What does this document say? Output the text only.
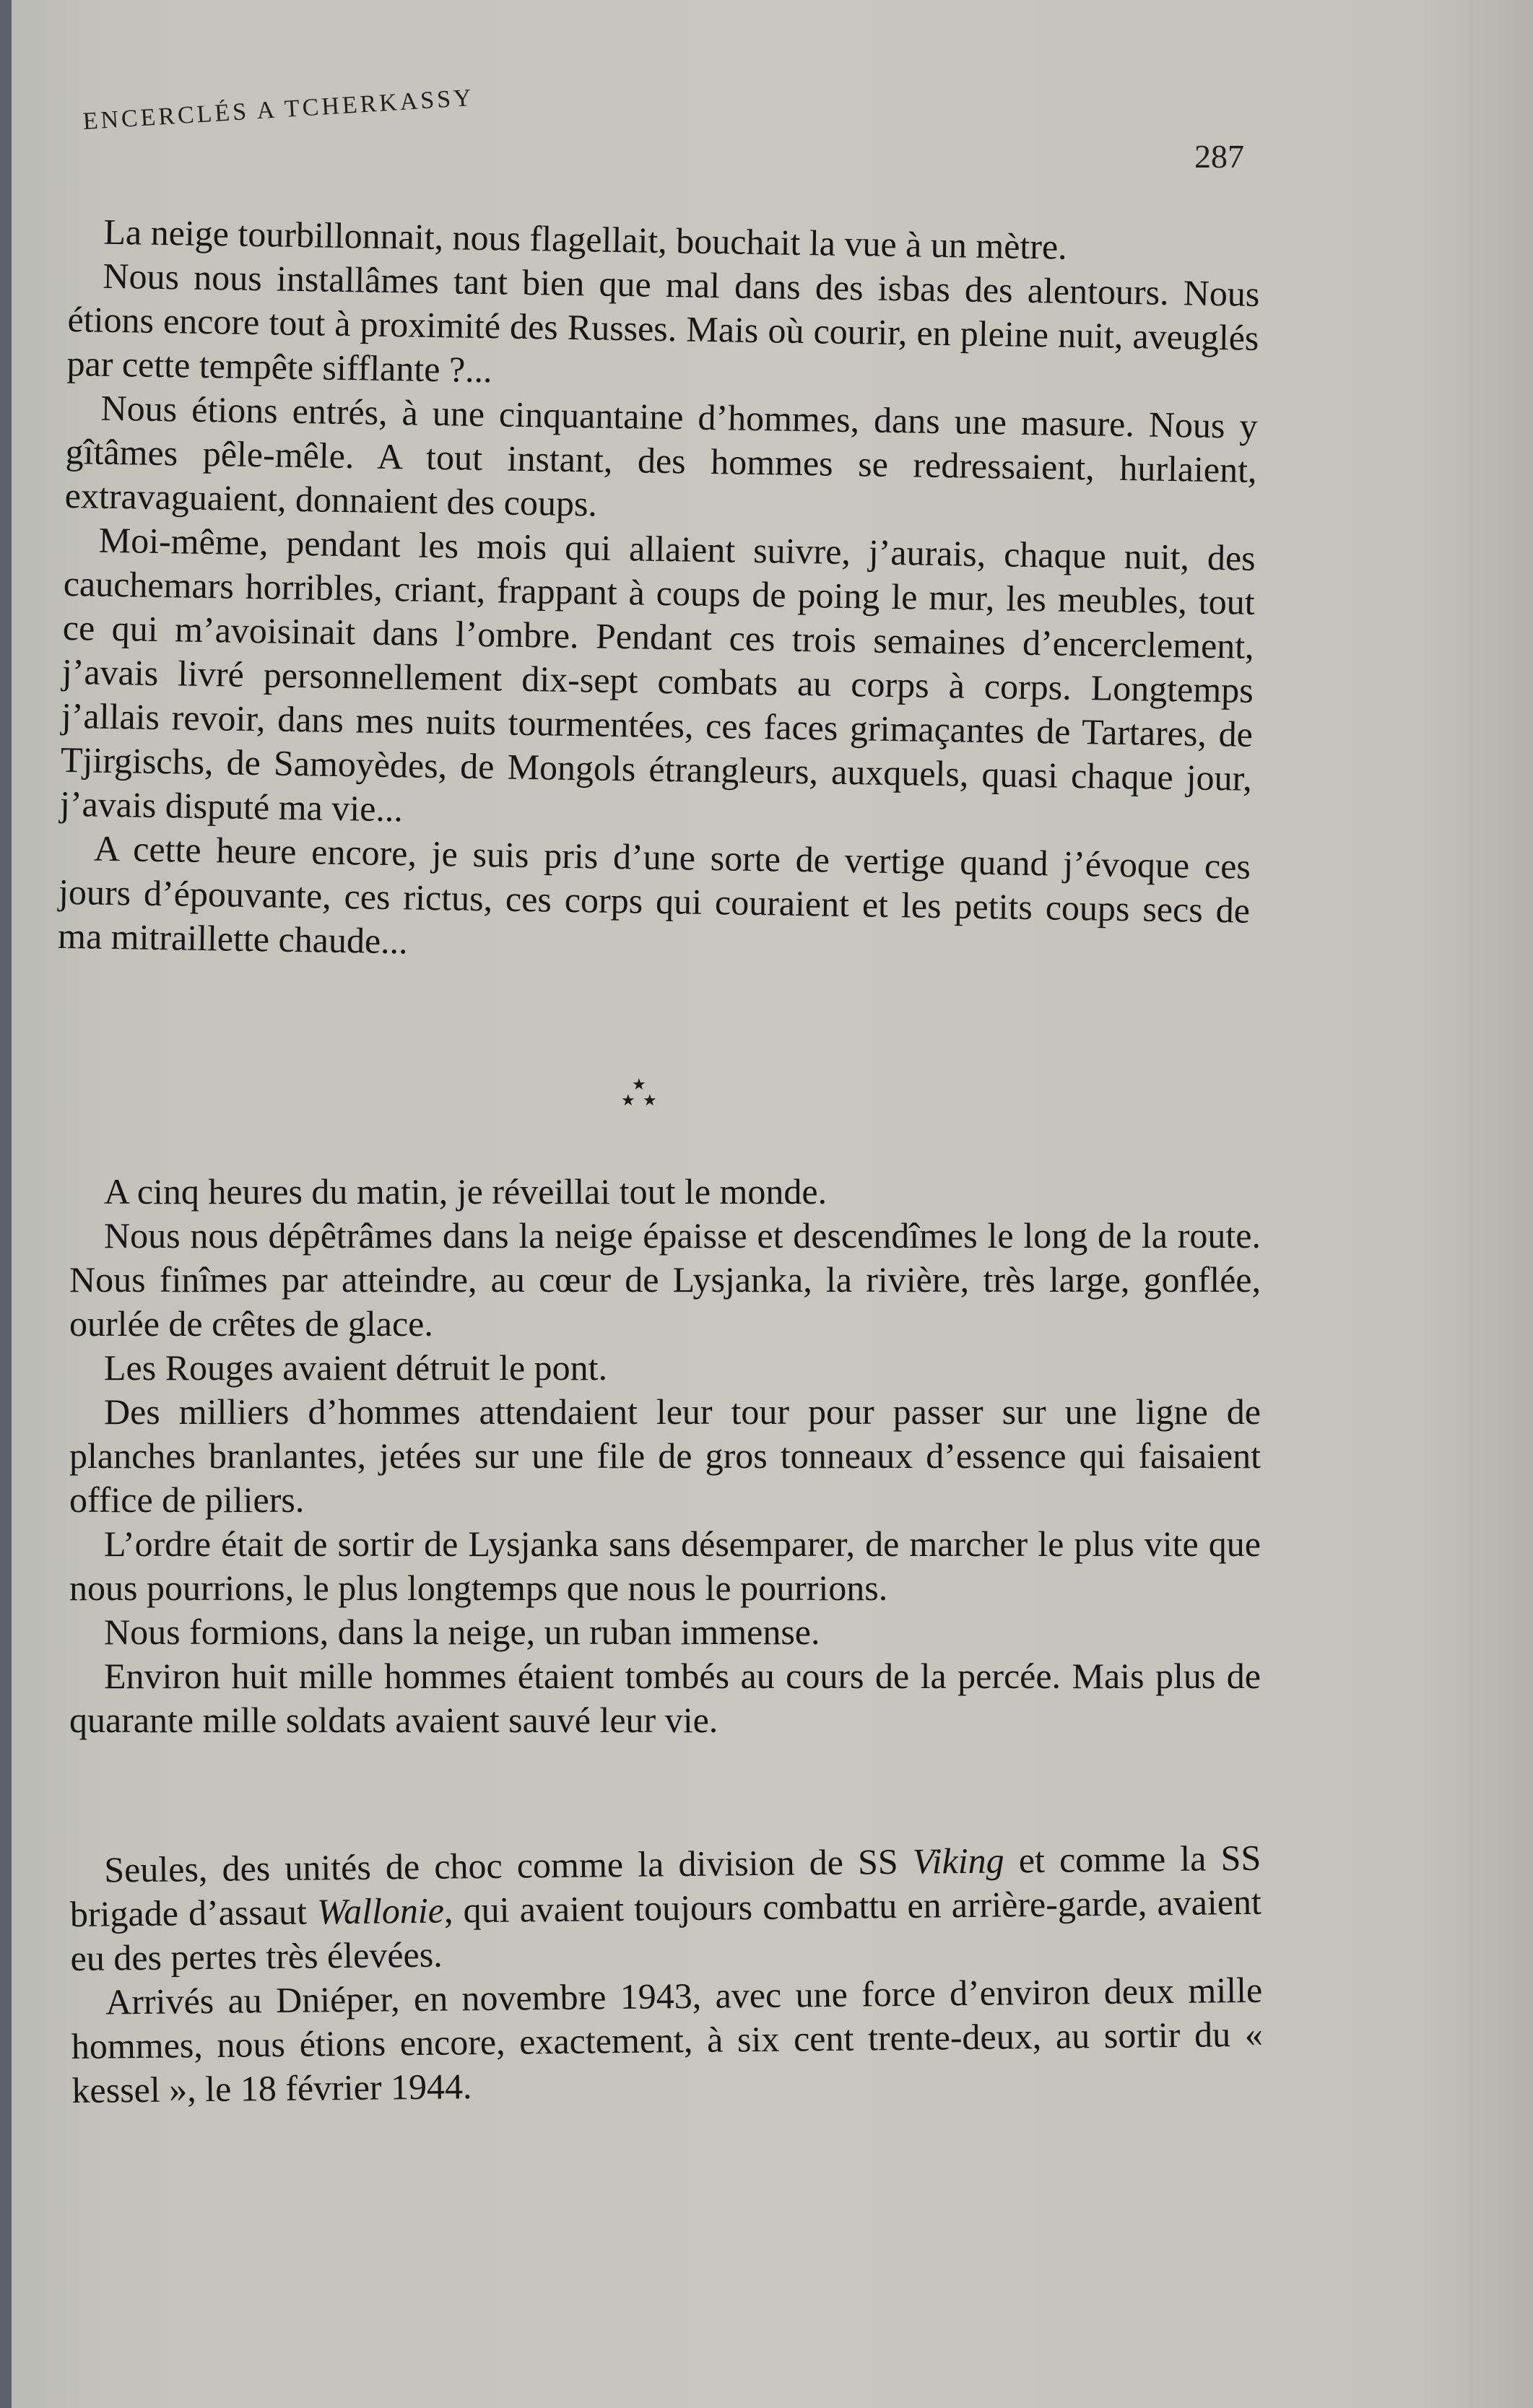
ENCERCLÉS A TCHERKASSY
287

La neige tourbillonnait, nous flagellait, bouchait la vue à un mètre.

Nous nous installâmes tant bien que mal dans des isbas des alentours. Nous étions encore tout à proximité des Russes. Mais où courir, en pleine nuit, aveuglés par cette tempête sifflante ?...

Nous étions entrés, à une cinquantaine d’hommes, dans une masure. Nous y gîtâmes pêle-mêle. A tout instant, des hommes se redressaient, hurlaient, extravaguaient, donnaient des coups.

Moi-même, pendant les mois qui allaient suivre, j’aurais, chaque nuit, des cauchemars horribles, criant, frappant à coups de poing le mur, les meubles, tout ce qui m’avoisinait dans l’ombre. Pendant ces trois semaines d’encerclement, j’avais livré personnellement dix-sept combats au corps à corps. Longtemps j’allais revoir, dans mes nuits tourmentées, ces faces grimaçantes de Tartares, de Tjirgischs, de Samoyèdes, de Mongols étrangleurs, auxquels, quasi chaque jour, j’avais disputé ma vie...

A cette heure encore, je suis pris d’une sorte de vertige quand j’évoque ces jours d’épouvante, ces rictus, ces corps qui couraient et les petits coups secs de ma mitraillette chaude...

★
★ ★

A cinq heures du matin, je réveillai tout le monde.

Nous nous dépêtrâmes dans la neige épaisse et descendîmes le long de la route. Nous finîmes par atteindre, au cœur de Lysjanka, la rivière, très large, gonflée, ourlée de crêtes de glace.

Les Rouges avaient détruit le pont.

Des milliers d’hommes attendaient leur tour pour passer sur une ligne de planches branlantes, jetées sur une file de gros tonneaux d’essence qui faisaient office de piliers.

L’ordre était de sortir de Lysjanka sans désemparer, de marcher le plus vite que nous pourrions, le plus longtemps que nous le pourrions.

Nous formions, dans la neige, un ruban immense.

Environ huit mille hommes étaient tombés au cours de la percée. Mais plus de quarante mille soldats avaient sauvé leur vie.

Seules, des unités de choc comme la division de SS Viking et comme la SS brigade d’assaut Wallonie, qui avaient toujours combattu en arrière-garde, avaient eu des pertes très élevées.

Arrivés au Dniéper, en novembre 1943, avec une force d’environ deux mille hommes, nous étions encore, exactement, à six cent trente-deux, au sortir du « kessel », le 18 février 1944.
